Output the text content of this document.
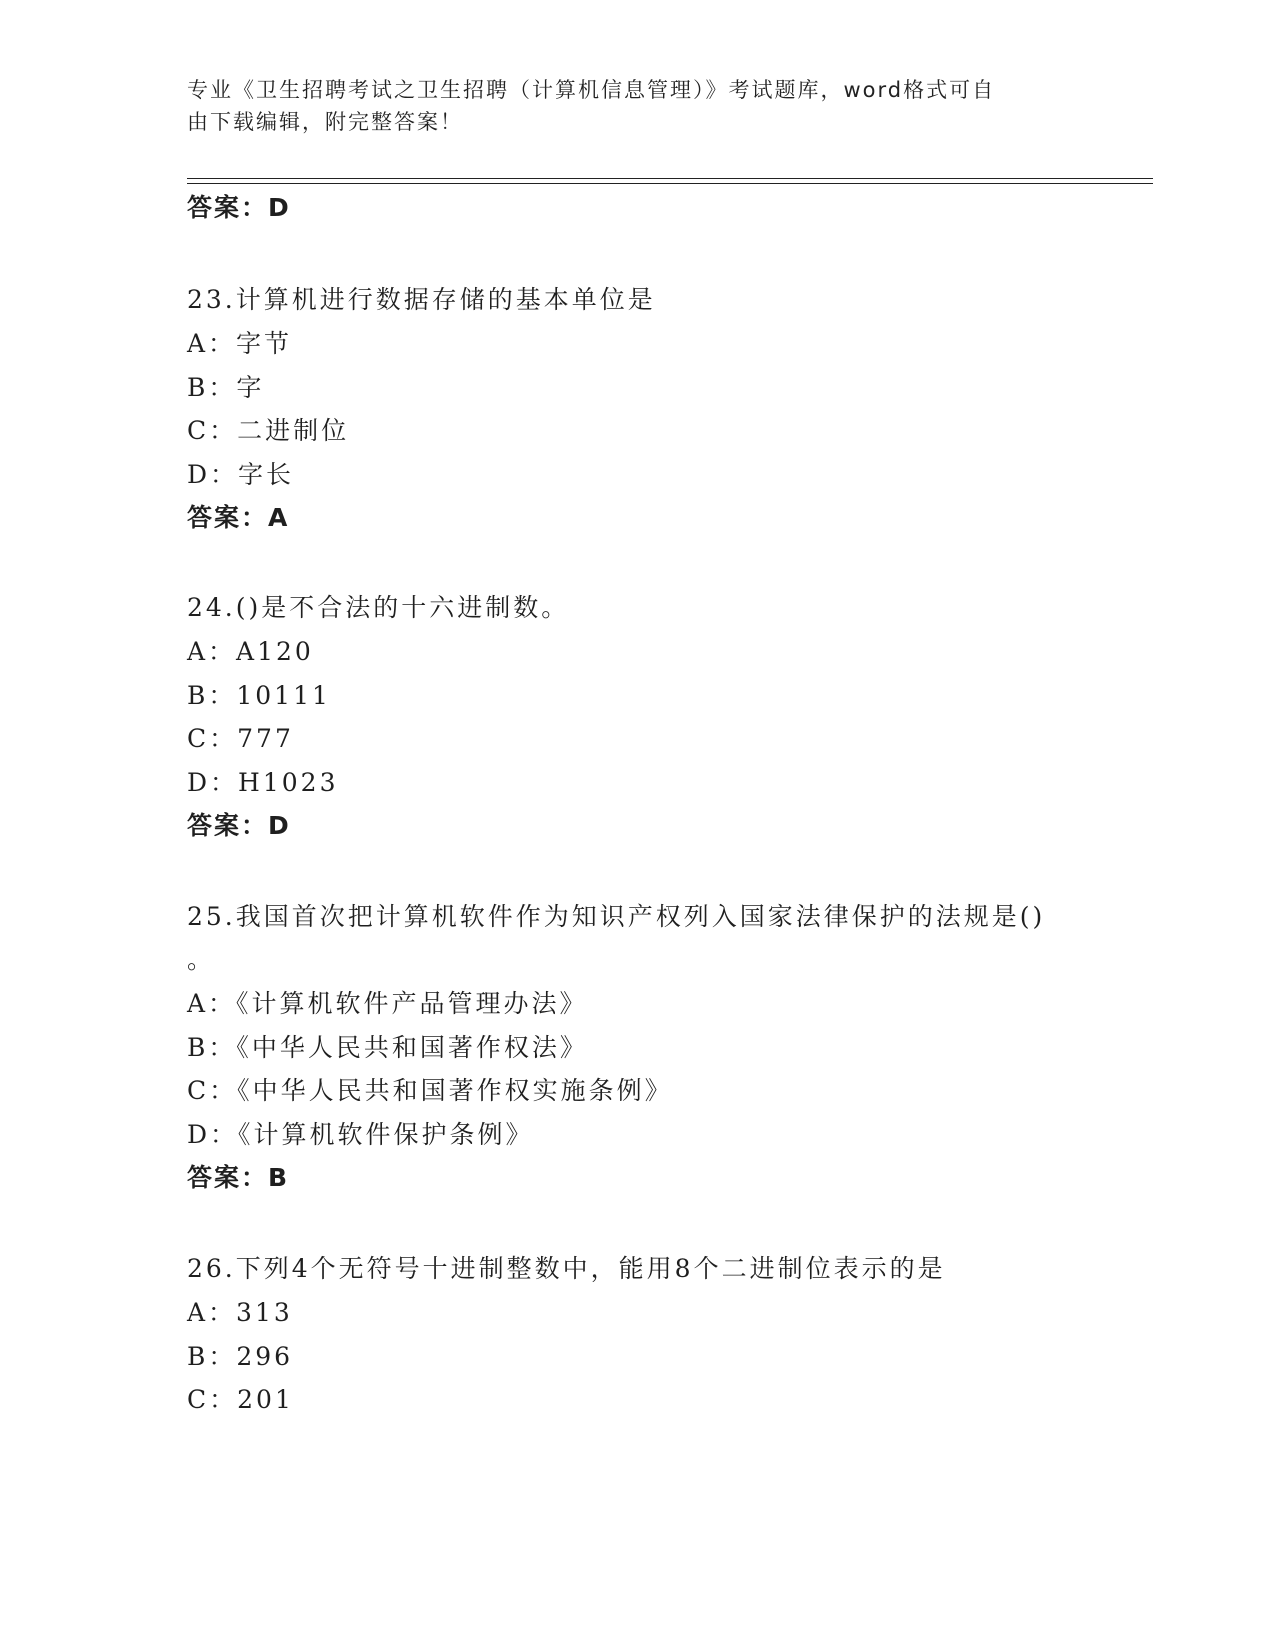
专业《卫生招聘考试之卫生招聘（计算机信息管理）》考试题库，word格式可自
由下载编辑，附完整答案！
答案：D
23.计算机进行数据存储的基本单位是
A：字节
B：字
C：二进制位
D：字长
答案：A
24.()是不合法的十六进制数。
A：A120
B：10111
C：777
D：H1023
答案：D
25.我国首次把计算机软件作为知识产权列入国家法律保护的法规是()
。
A：《计算机软件产品管理办法》
B：《中华人民共和国著作权法》
C：《中华人民共和国著作权实施条例》
D：《计算机软件保护条例》
答案：B
26.下列4个无符号十进制整数中，能用8个二进制位表示的是
A：313
B：296
C：201
